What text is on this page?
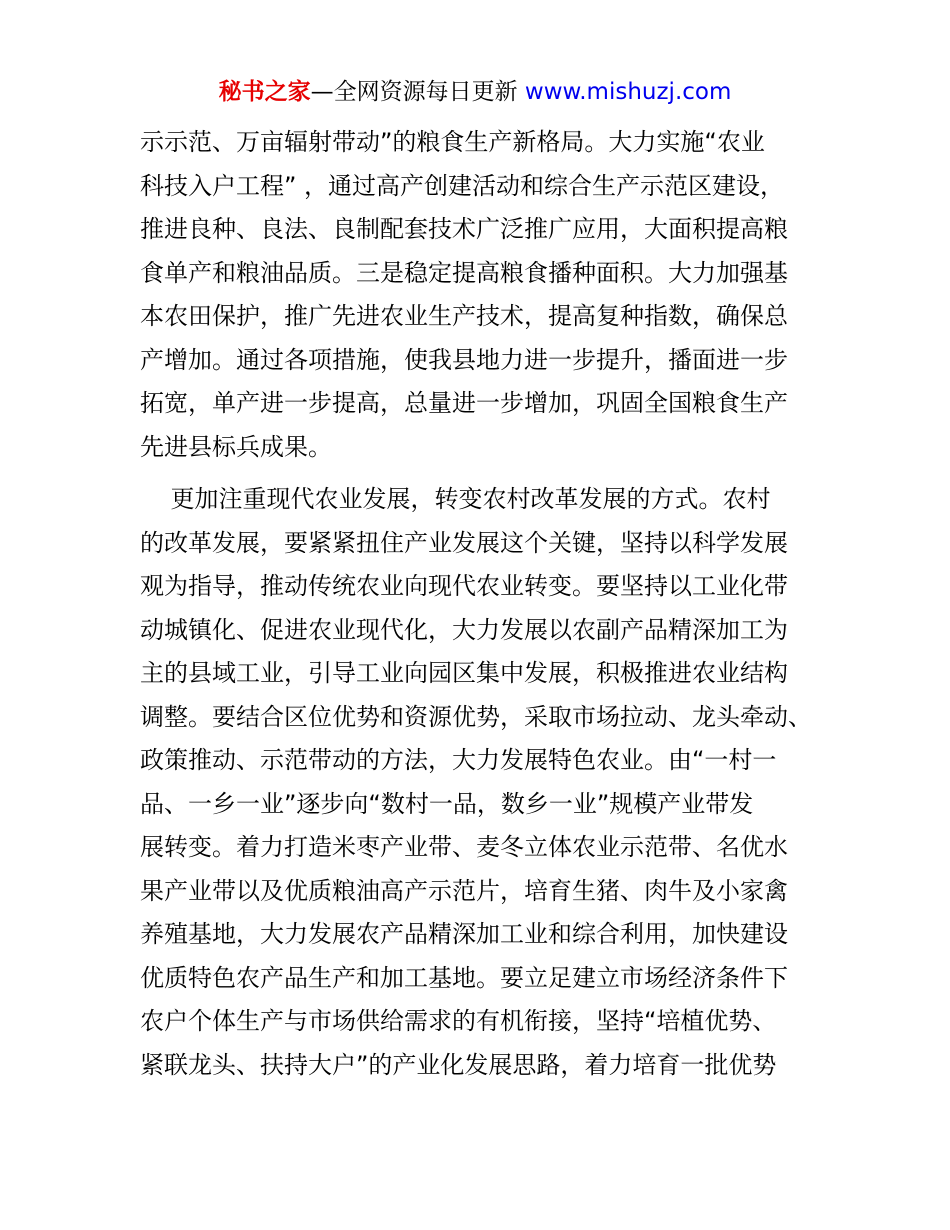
秘书之家—全网资源每日更新 www.mishuzj.com
示示范、万亩辐射带动”的粮食生产新格局。大力实施“农业
科技入户工程” ，通过高产创建活动和综合生产示范区建设，
推进良种、良法、良制配套技术广泛推广应用，大面积提高粮
食单产和粮油品质。三是稳定提高粮食播种面积。大力加强基
本农田保护，推广先进农业生产技术，提高复种指数，确保总
产增加。通过各项措施，使我县地力进一步提升，播面进一步
拓宽，单产进一步提高，总量进一步增加，巩固全国粮食生产
先进县标兵成果。
更加注重现代农业发展，转变农村改革发展的方式。农村
的改革发展，要紧紧扭住产业发展这个关键，坚持以科学发展
观为指导，推动传统农业向现代农业转变。要坚持以工业化带
动城镇化、促进农业现代化，大力发展以农副产品精深加工为
主的县域工业，引导工业向园区集中发展，积极推进农业结构
调整。要结合区位优势和资源优势，采取市场拉动、龙头牵动、
政策推动、示范带动的方法，大力发展特色农业。由“一村一
品、一乡一业”逐步向“数村一品，数乡一业”规模产业带发
展转变。着力打造米枣产业带、麦冬立体农业示范带、名优水
果产业带以及优质粮油高产示范片，培育生猪、肉牛及小家禽
养殖基地，大力发展农产品精深加工业和综合利用，加快建设
优质特色农产品生产和加工基地。要立足建立市场经济条件下
农户个体生产与市场供给需求的有机衔接，坚持“培植优势、
紧联龙头、扶持大户”的产业化发展思路，着力培育一批优势
